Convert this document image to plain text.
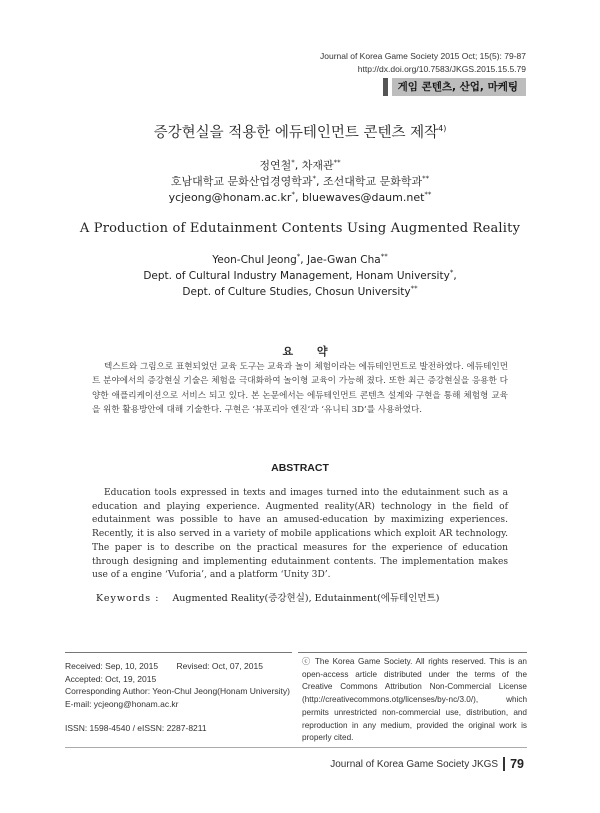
Journal of Korea Game Society 2015 Oct; 15(5): 79-87
http://dx.doi.org/10.7583/JKGS.2015.15.5.79
게임 콘텐츠, 산업, 마케팅
증강현실을 적용한 에듀테인먼트 콘텐츠 제작$^{4)}$
정연철*, 차재관**
호남대학교 문화산업경영학과*, 조선대학교 문화학과**
ycjeong@honam.ac.kr*, bluewaves@daum.net**
A Production of Edutainment Contents Using Augmented Reality
Yeon-Chul Jeong*, Jae-Gwan Cha**
Dept. of Cultural Industry Management, Honam University*,
Dept. of Culture Studies, Chosun University**
요 약
텍스트와 그림으로 표현되었던 교육 도구는 교육과 놀이 체험이라는 에듀테인먼트로 발전하였다. 에듀테인먼트 분야에서의 증강현실 기술은 체험을 극대화하여 놀이형 교육이 가능해 졌다. 또한 최근 증강현실을 응용한 다양한 애플리케이션으로 서비스 되고 있다. 본 논문에서는 에듀테인먼트 콘텐츠 설계와 구현을 통해 체험형 교육을 위한 활용방안에 대해 기술한다. 구현은 ‘뷰포리아 엔진’과 ‘유니티 3D’를 사용하였다.
ABSTRACT
Education tools expressed in texts and images turned into the edutainment such as a education and playing experience. Augmented reality(AR) technology in the field of edutainment was possible to have an amused-education by maximizing experiences. Recently, it is also served in a variety of mobile applications which exploit AR technology. The paper is to describe on the practical measures for the experience of education through designing and implementing edutainment contents. The implementation makes use of a engine ‘Vuforia’, and a platform ‘Unity 3D’.
Keywords : Augmented Reality(증강현실), Edutainment(에듀테인먼트)
Received: Sep, 10, 2015 Revised: Oct, 07, 2015
Accepted: Oct, 19, 2015
Corresponding Author: Yeon-Chul Jeong(Honam University)
E-mail: ycjeong@honam.ac.kr
ISSN: 1598-4540 / eISSN: 2287-8211
ⓒ The Korea Game Society. All rights reserved. This is an open-access article distributed under the terms of the Creative Commons Attribution Non-Commercial License (http://creativecommons.otg/licenses/by-nc/3.0/), which permits unrestricted non-commercial use, distribution, and reproduction in any medium, provided the original work is properly cited.
Journal of Korea Game Society JKGS 79
